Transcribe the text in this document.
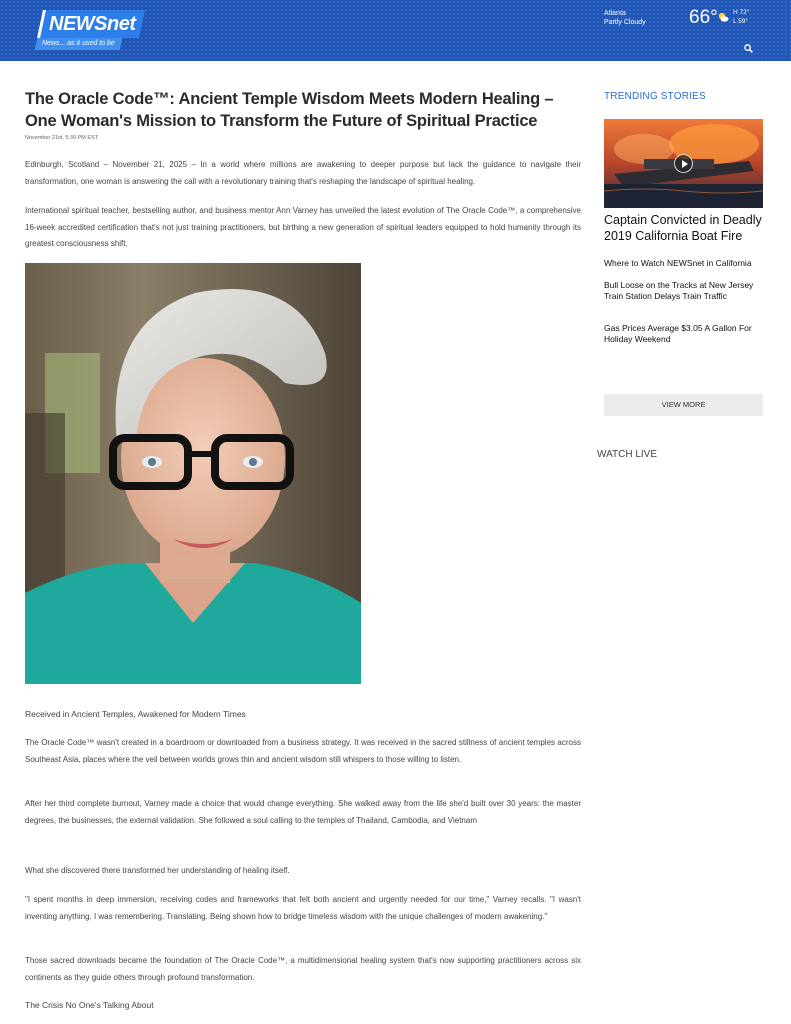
NEWSnet
News... as it used to be
Atlanta
Partly Cloudy 66° H 72°
L 59°
The Oracle Code™: Ancient Temple Wisdom Meets Modern Healing – One Woman's Mission to Transform the Future of Spiritual Practice
November 21st, 5:39 PM EST

Edinburgh, Scotland – November 21, 2025 – In a world where millions are awakening to deeper purpose but lack the guidance to navigate their transformation, one woman is answering the call with a revolutionary training that's reshaping the landscape of spiritual healing.

International spiritual teacher, bestselling author, and business mentor Ann Varney has unveiled the latest evolution of The Oracle Code™, a comprehensive 16-week accredited certification that's not just training practitioners, but birthing a new generation of spiritual leaders equipped to hold humanity through its greatest consciousness shift.

Received in Ancient Temples, Awakened for Modern Times

The Oracle Code™ wasn't created in a boardroom or downloaded from a business strategy. It was received in the sacred stillness of ancient temples across Southeast Asia, places where the veil between worlds grows thin and ancient wisdom still whispers to those willing to listen.

After her third complete burnout, Varney made a choice that would change everything. She walked away from the life she'd built over 30 years: the master degrees, the businesses, the external validation. She followed a soul calling to the temples of Thailand, Cambodia, and Vietnam

What she discovered there transformed her understanding of healing itself.

"I spent months in deep immersion, receiving codes and frameworks that felt both ancient and urgently needed for our time," Varney recalls. "I wasn't inventing anything. I was remembering. Translating. Being shown how to bridge timeless wisdom with the unique challenges of modern awakening."

Those sacred downloads became the foundation of The Oracle Code™, a multidimensional healing system that's now supporting practitioners across six continents as they guide others through profound transformation.

The Crisis No One's Talking About
TRENDING STORIES
Captain Convicted in Deadly 2019 California Boat Fire
Where to Watch NEWSnet in California
Bull Loose on the Tracks at New Jersey Train Station Delays Train Traffic
Gas Prices Average $3.05 A Gallon For Holiday Weekend
VIEW MORE
WATCH LIVE
